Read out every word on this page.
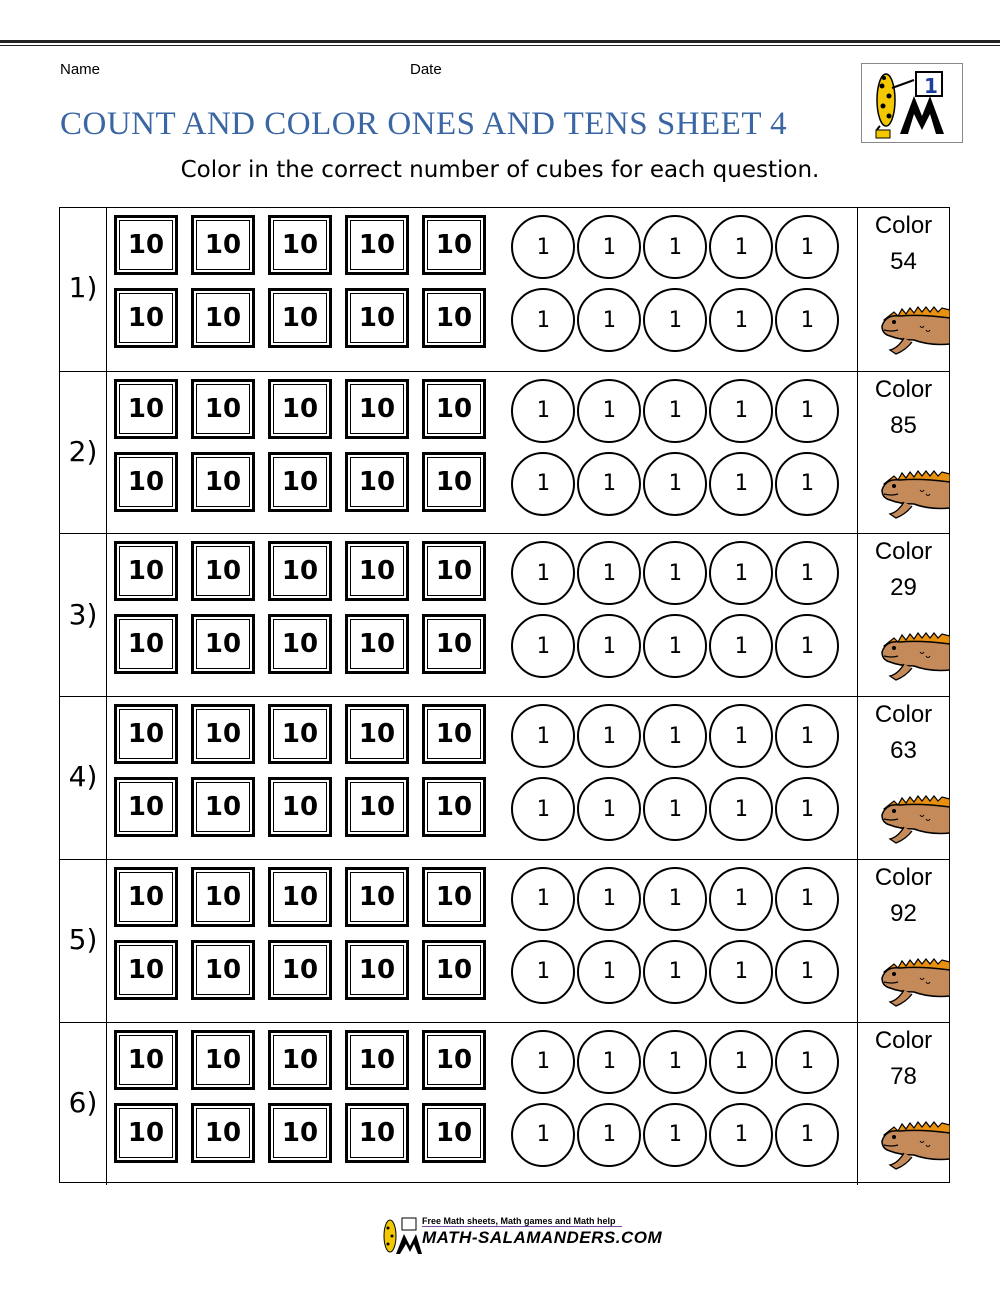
Name	Date
COUNT AND COLOR ONES AND TENS SHEET 4
1
Color in the correct number of cubes for each question.
1)
10	10	10	10	10	1	1	1	1	1
10	10	10	10	10	1	1	1	1	1
Color
54
2)
10	10	10	10	10	1	1	1	1	1
10	10	10	10	10	1	1	1	1	1
Color
85
3)
10	10	10	10	10	1	1	1	1	1
10	10	10	10	10	1	1	1	1	1
Color
29
4)
10	10	10	10	10	1	1	1	1	1
10	10	10	10	10	1	1	1	1	1
Color
63
5)
10	10	10	10	10	1	1	1	1	1
10	10	10	10	10	1	1	1	1	1
Color
92
6)
10	10	10	10	10	1	1	1	1	1
10	10	10	10	10	1	1	1	1	1
Color
78
Free Math sheets, Math games and Math help
MATH-SALAMANDERS.COM
